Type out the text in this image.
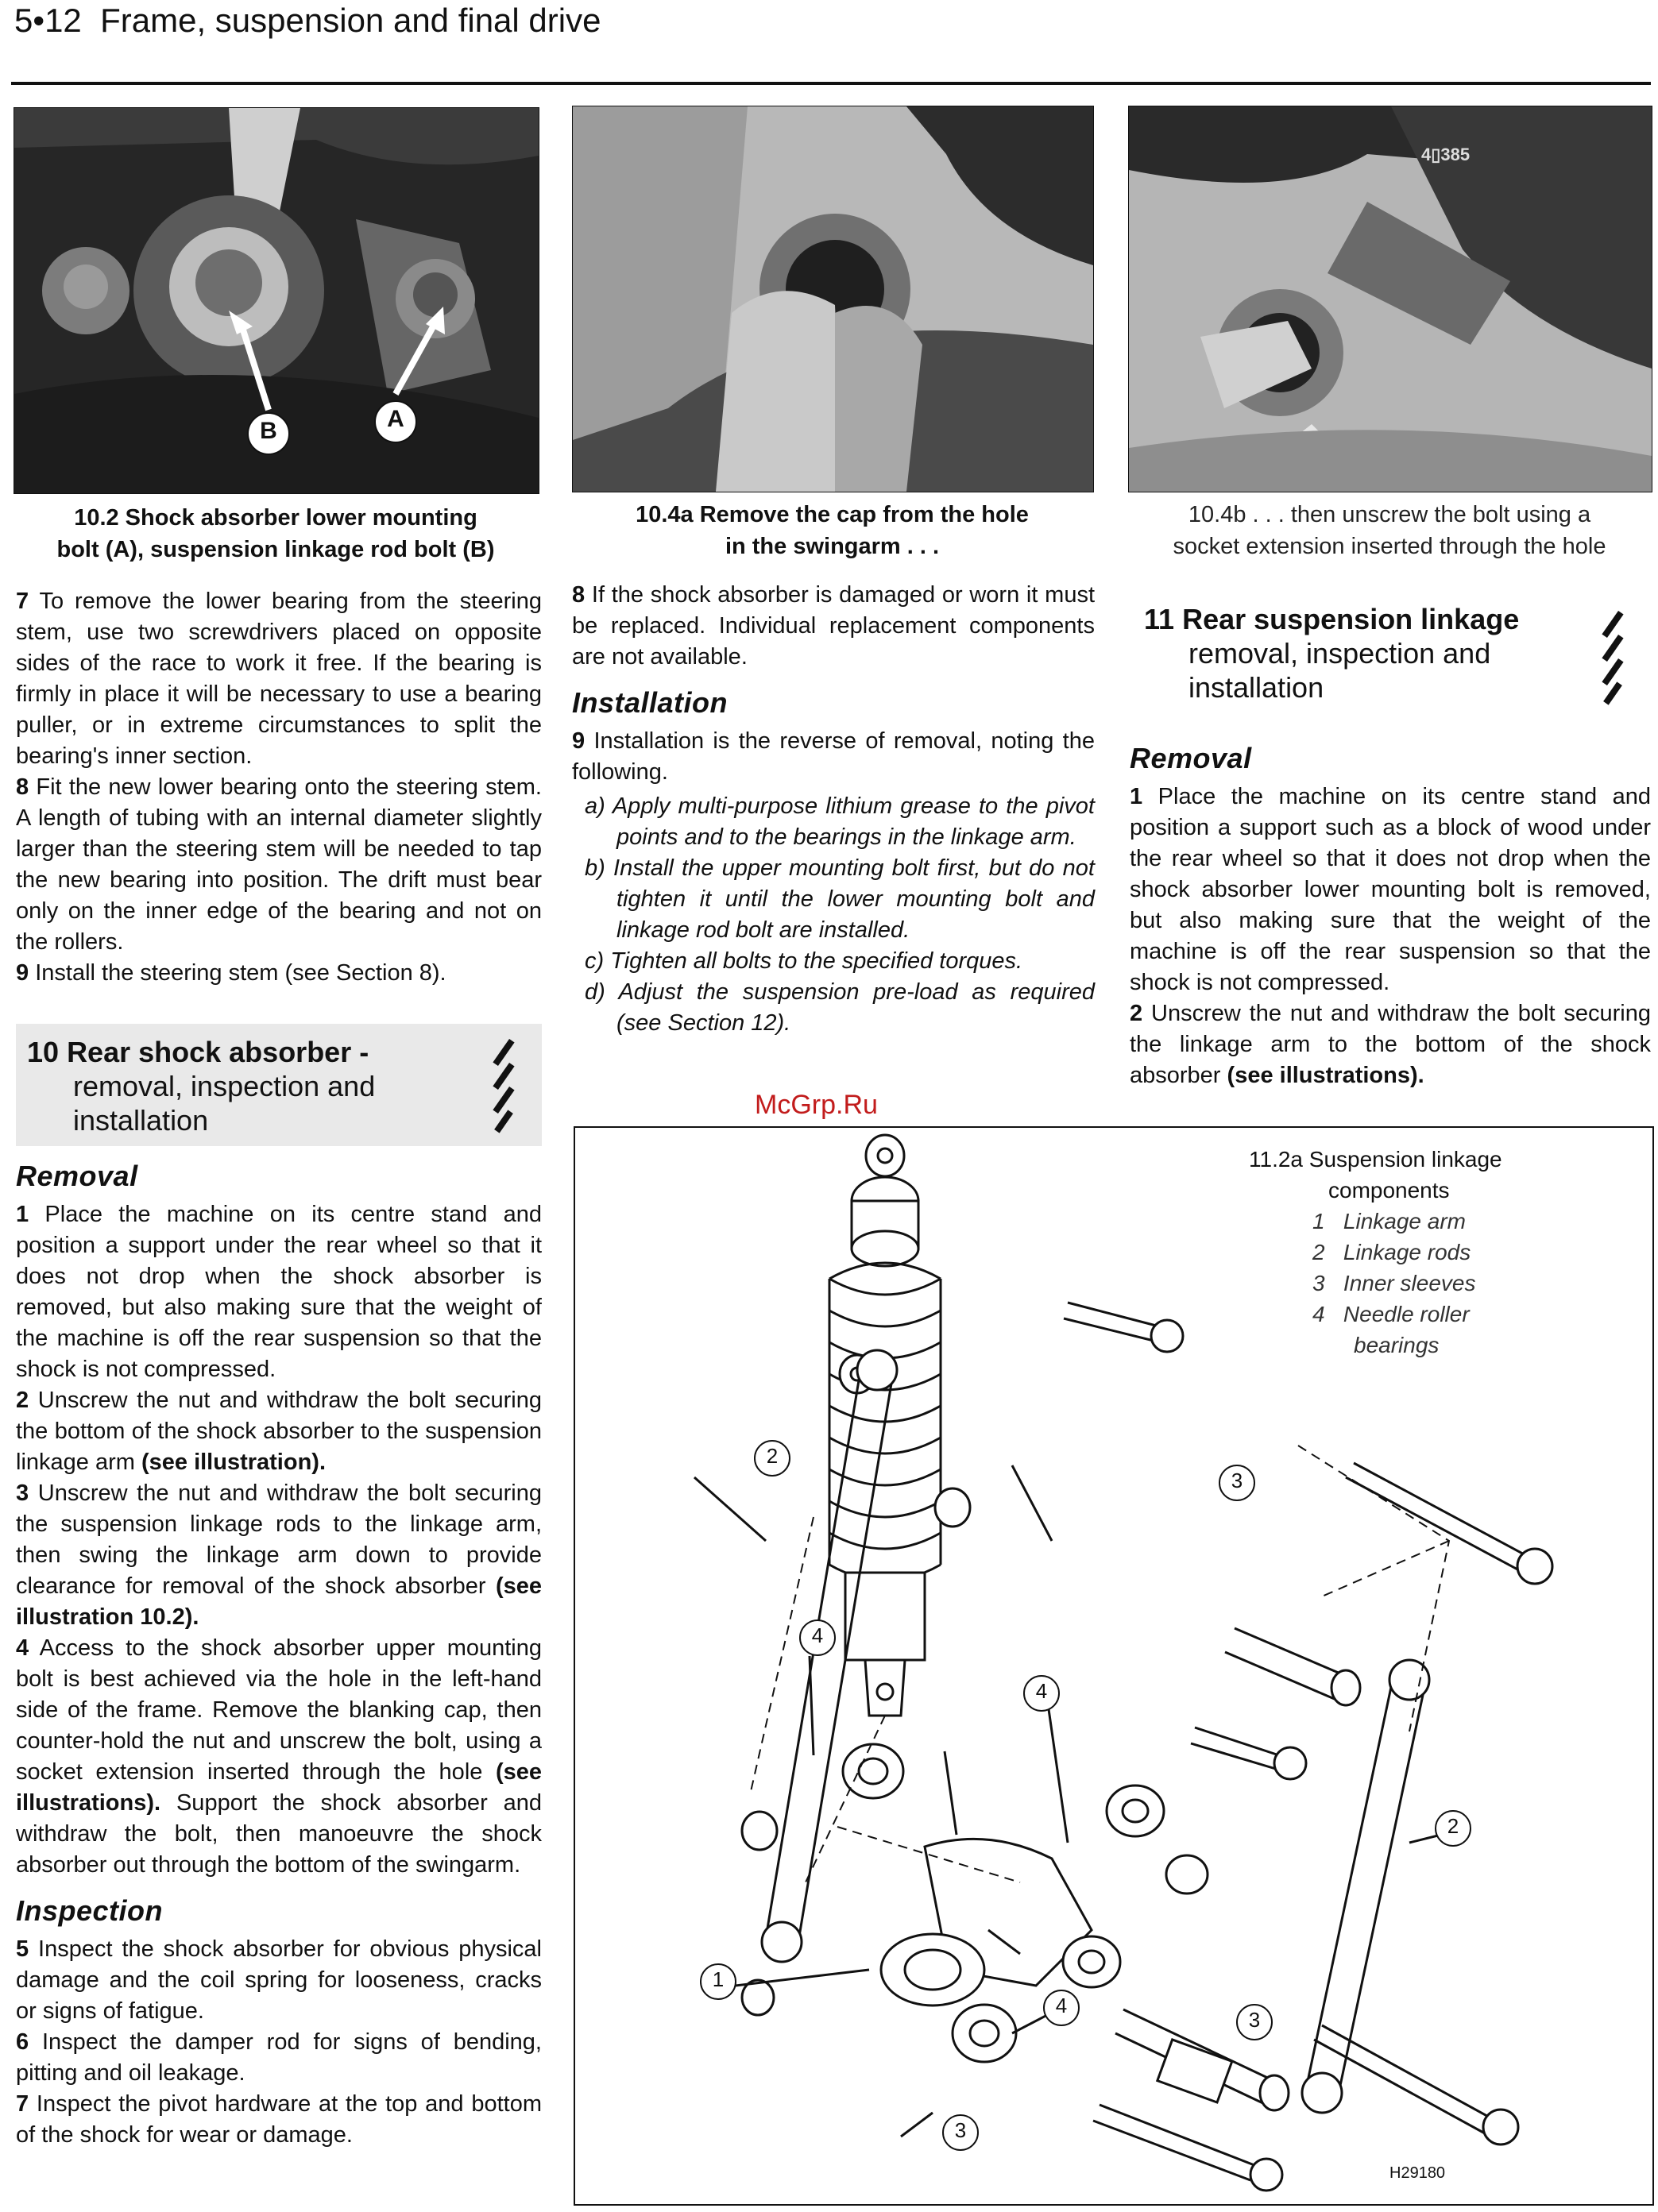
5•12 Frame, suspension and final drive
B	A
10.2 Shock absorber lower mounting
bolt (A), suspension linkage rod bolt (B)
10.4a Remove the cap from the hole
in the swingarm . . .
4▯385
10.4b . . . then unscrew the bolt using a
socket extension inserted through the hole

7 To remove the lower bearing from the steering stem, use two screwdrivers placed on opposite sides of the race to work it free. If the bearing is firmly in place it will be necessary to use a bearing puller, or in extreme circumstances to split the bearing's inner section.

8 Fit the new lower bearing onto the steering stem. A length of tubing with an internal diameter slightly larger than the steering stem will be needed to tap the new bearing into position. The drift must bear only on the inner edge of the bearing and not on the rollers.

9 Install the steering stem (see Section 8).

10 Rear shock absorber -
removal, inspection and
installation
Removal

1 Place the machine on its centre stand and position a support under the rear wheel so that it does not drop when the shock absorber is removed, but also making sure that the weight of the machine is off the rear suspension so that the shock is not compressed.

2 Unscrew the nut and withdraw the bolt securing the bottom of the shock absorber to the suspension linkage arm (see illustration).

3 Unscrew the nut and withdraw the bolt securing the suspension linkage rods to the linkage arm, then swing the linkage arm down to provide clearance for removal of the shock absorber (see illustration 10.2).

4 Access to the shock absorber upper mounting bolt is best achieved via the hole in the left-hand side of the frame. Remove the blanking cap, then counter-hold the nut and unscrew the bolt, using a socket extension inserted through the hole (see illustrations). Support the shock absorber and withdraw the bolt, then manoeuvre the shock absorber out through the bottom of the swingarm.

Inspection

5 Inspect the shock absorber for obvious physical damage and the coil spring for looseness, cracks or signs of fatigue.

6 Inspect the damper rod for signs of bending, pitting and oil leakage.

7 Inspect the pivot hardware at the top and bottom of the shock for wear or damage.

8 If the shock absorber is damaged or worn it must be replaced. Individual replacement components are not available.

Installation

9 Installation is the reverse of removal, noting the following.

a) Apply multi-purpose lithium grease to the pivot points and to the bearings in the linkage arm.
b) Install the upper mounting bolt first, but do not tighten it until the lower mounting bolt and linkage rod bolt are installed.
c) Tighten all bolts to the specified torques.
d) Adjust the suspension pre-load as required (see Section 12).
McGrp.Ru
11 Rear suspension linkage
removal, inspection and
installation
Removal

1 Place the machine on its centre stand and position a support such as a block of wood under the rear wheel so that it does not drop when the shock absorber lower mounting bolt is removed, but also making sure that the weight of the machine is off the rear suspension so that the shock is not compressed.

2 Unscrew the nut and withdraw the bolt securing the linkage arm to the bottom of the shock absorber (see illustrations).

1
2
2
3
3
3
4
4
4
11.2a Suspension linkage
components
1 Linkage arm
2 Linkage rods
3 Inner sleeves
4 Needle roller
bearings
H29180
